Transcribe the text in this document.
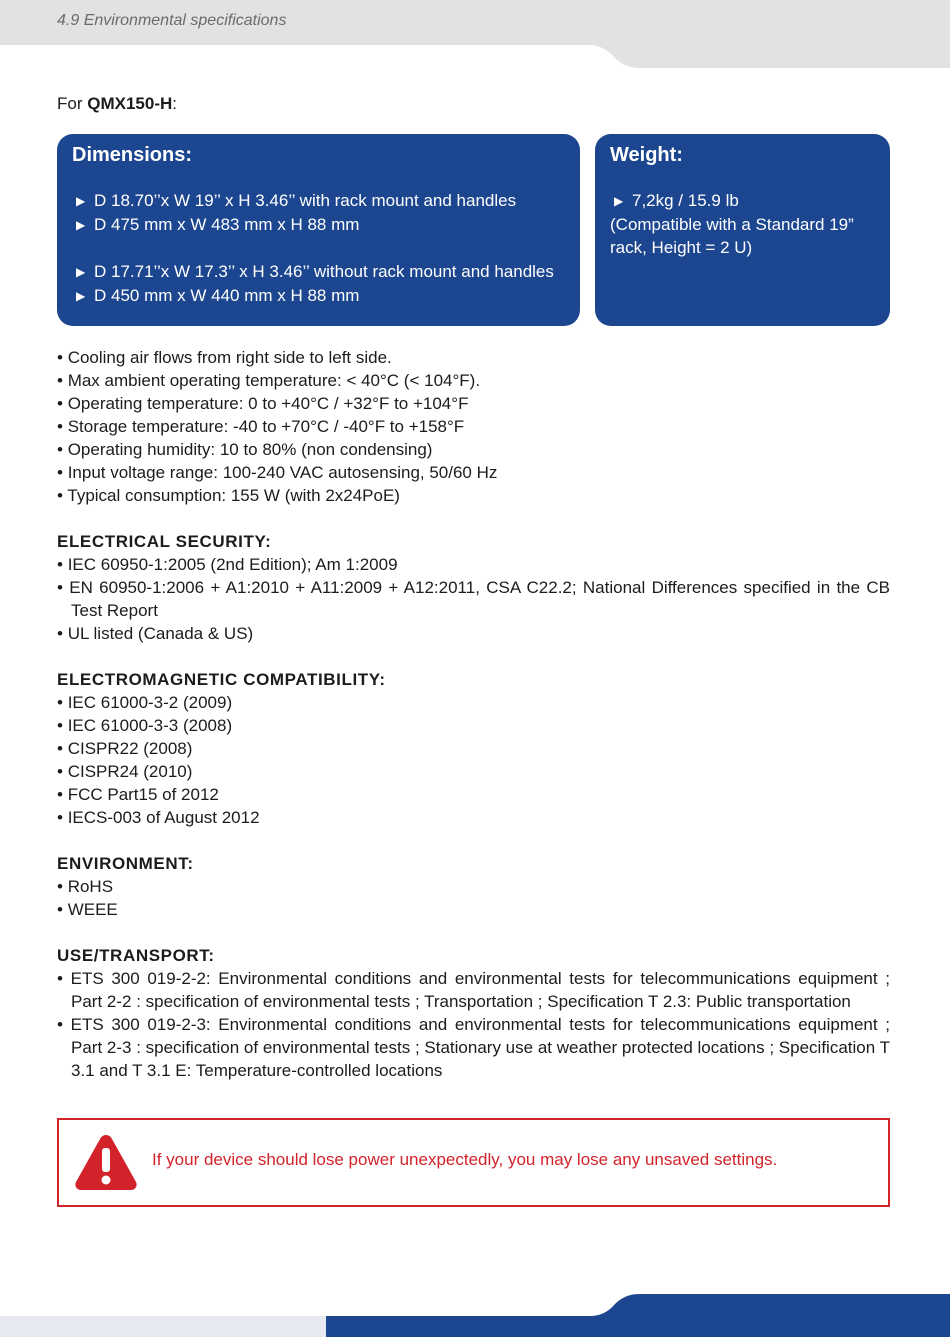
4.9 Environmental specifications
For QMX150-H:
Dimensions:
▶ D 18.70’’x W 19’’ x H 3.46’’ with rack mount and handles
▶ D 475 mm x W 483 mm x H 88 mm
▶ D 17.71’’x W 17.3’’ x H 3.46’’ without rack mount and handles
▶ D 450 mm x W 440 mm x H 88 mm
Weight:
▶ 7,2kg / 15.9 lb
(Compatible with a Standard 19” rack, Height = 2 U)

• Cooling air flows from right side to left side.

• Max ambient operating temperature: < 40°C (< 104°F).

• Operating temperature: 0 to +40°C / +32°F to +104°F

• Storage temperature: -40 to +70°C / -40°F to +158°F

• Operating humidity: 10 to 80% (non condensing)

• Input voltage range: 100-240 VAC autosensing, 50/60 Hz

• Typical consumption: 155 W (with 2x24PoE)

ELECTRICAL SECURITY:

• IEC 60950-1:2005 (2nd Edition); Am 1:2009

• EN 60950-1:2006 + A1:2010 + A11:2009 + A12:2011, CSA C22.2; National Differences specified in the CB Test Report

• UL listed (Canada & US)

ELECTROMAGNETIC COMPATIBILITY:

• IEC 61000-3-2 (2009)

• IEC 61000-3-3 (2008)

• CISPR22 (2008)

• CISPR24 (2010)

• FCC Part15 of 2012

• IECS-003 of August 2012

ENVIRONMENT:

• RoHS

• WEEE

USE/TRANSPORT:

• ETS 300 019-2-2: Environmental conditions and environmental tests for telecommunications equipment ; Part 2-2 : specification of environmental tests ; Transportation ; Specification T 2.3: Public transportation

• ETS 300 019-2-3: Environmental conditions and environmental tests for telecommunications equipment ; Part 2-3 : specification of environmental tests ; Stationary use at weather protected locations ; Specification T 3.1 and T 3.1 E: Temperature-controlled locations

If your device should lose power unexpectedly, you may lose any unsaved settings.
